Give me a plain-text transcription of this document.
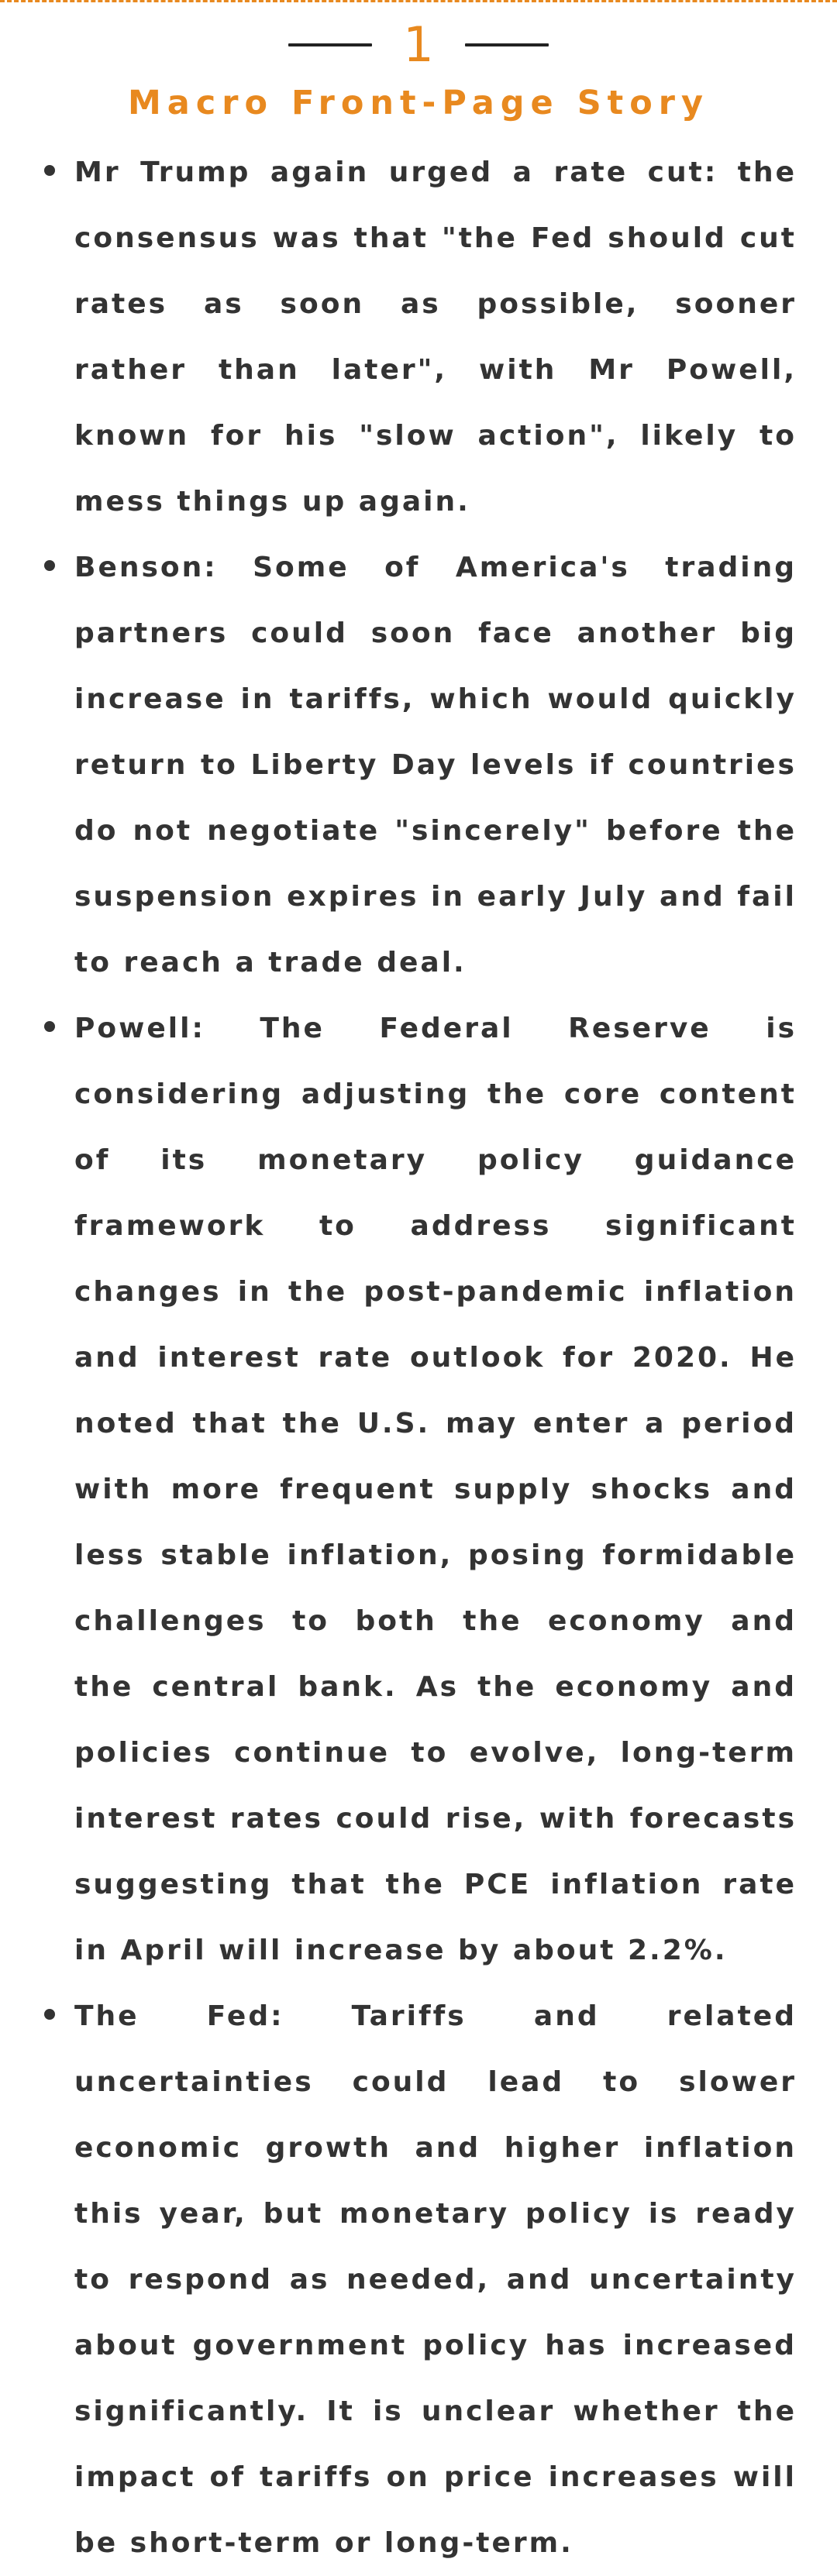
1
Macro Front-Page Story

Mr Trump again urged a rate cut: the consensus was that "the Fed should cut rates as soon as possible, sooner rather than later", with Mr Powell, known for his "slow action", likely to mess things up again.

Benson: Some of America's trading partners could soon face another big increase in tariffs, which would quickly return to Liberty Day levels if countries do not negotiate "sincerely" before the suspension expires in early July and fail to reach a trade deal.

Powell: The Federal Reserve is considering adjusting the core content of its monetary policy guidance framework to address significant changes in the post-pandemic inflation and interest rate outlook for 2020. He noted that the U.S. may enter a period with more frequent supply shocks and less stable inflation, posing formidable challenges to both the economy and the central bank. As the economy and policies continue to evolve, long-term interest rates could rise, with forecasts suggesting that the PCE inflation rate in April will increase by about 2.2%.

The Fed: Tariffs and related uncertainties could lead to slower economic growth and higher inflation this year, but monetary policy is ready to respond as needed, and uncertainty about government policy has increased significantly. It is unclear whether the impact of tariffs on price increases will be short-term or long-term.
